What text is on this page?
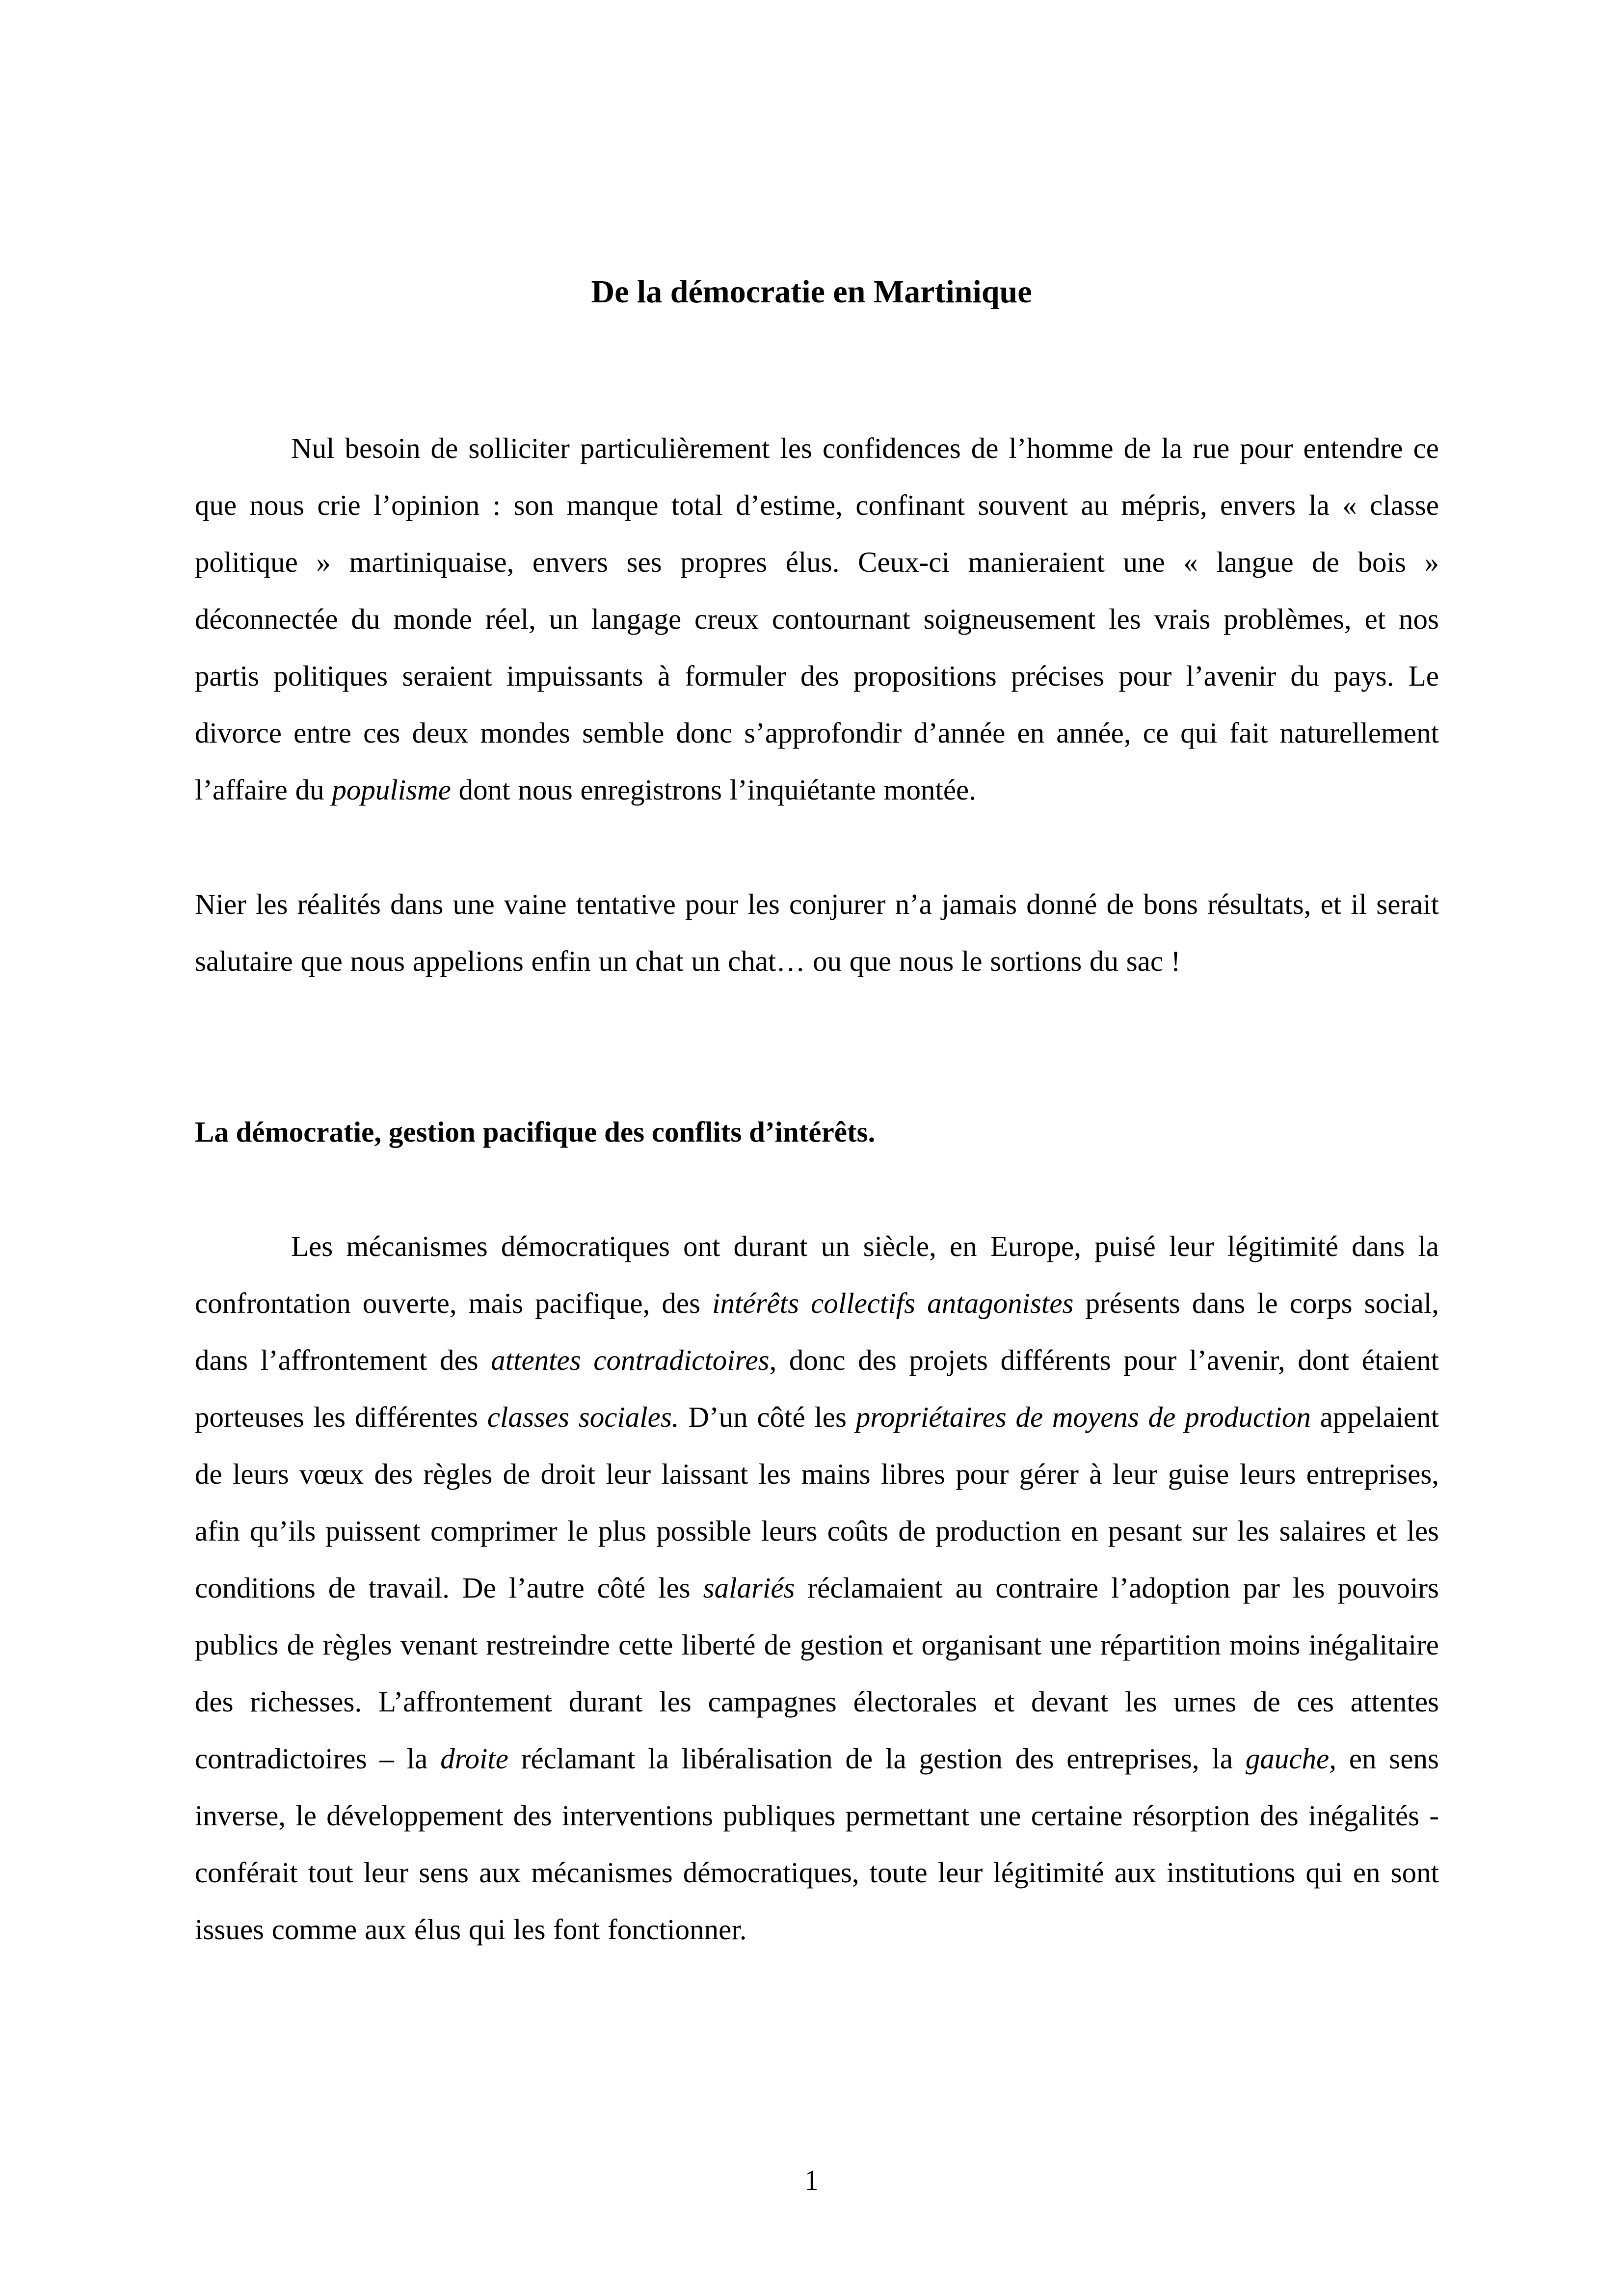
De la démocratie en Martinique

Nul besoin de solliciter particulièrement les confidences de l’homme de la rue pour entendre ce que nous crie l’opinion : son manque total d’estime, confinant souvent au mépris, envers la « classe politique » martiniquaise, envers ses propres élus. Ceux-ci manieraient une « langue de bois » déconnectée du monde réel, un langage creux contournant soigneusement les vrais problèmes, et nos partis politiques seraient impuissants à formuler des propositions précises pour l’avenir du pays. Le divorce entre ces deux mondes semble donc s’approfondir d’année en année, ce qui fait naturellement l’affaire du populisme dont nous enregistrons l’inquiétante montée.

Nier les réalités dans une vaine tentative pour les conjurer n’a jamais donné de bons résultats, et il serait salutaire que nous appelions enfin un chat un chat… ou que nous le sortions du sac !

La démocratie, gestion pacifique des conflits d’intérêts.

Les mécanismes démocratiques ont durant un siècle, en Europe, puisé leur légitimité dans la confrontation ouverte, mais pacifique, des intérêts collectifs antagonistes présents dans le corps social, dans l’affrontement des attentes contradictoires, donc des projets différents pour l’avenir, dont étaient porteuses les différentes classes sociales. D’un côté les propriétaires de moyens de production appelaient de leurs vœux des règles de droit leur laissant les mains libres pour gérer à leur guise leurs entreprises, afin qu’ils puissent comprimer le plus possible leurs coûts de production en pesant sur les salaires et les conditions de travail. De l’autre côté les salariés réclamaient au contraire l’adoption par les pouvoirs publics de règles venant restreindre cette liberté de gestion et organisant une répartition moins inégalitaire des richesses. L’affrontement durant les campagnes électorales et devant les urnes de ces attentes contradictoires – la droite réclamant la libéralisation de la gestion des entreprises, la gauche, en sens inverse, le développement des interventions publiques permettant une certaine résorption des inégalités - conférait tout leur sens aux mécanismes démocratiques, toute leur légitimité aux institutions qui en sont issues comme aux élus qui les font fonctionner.

1
